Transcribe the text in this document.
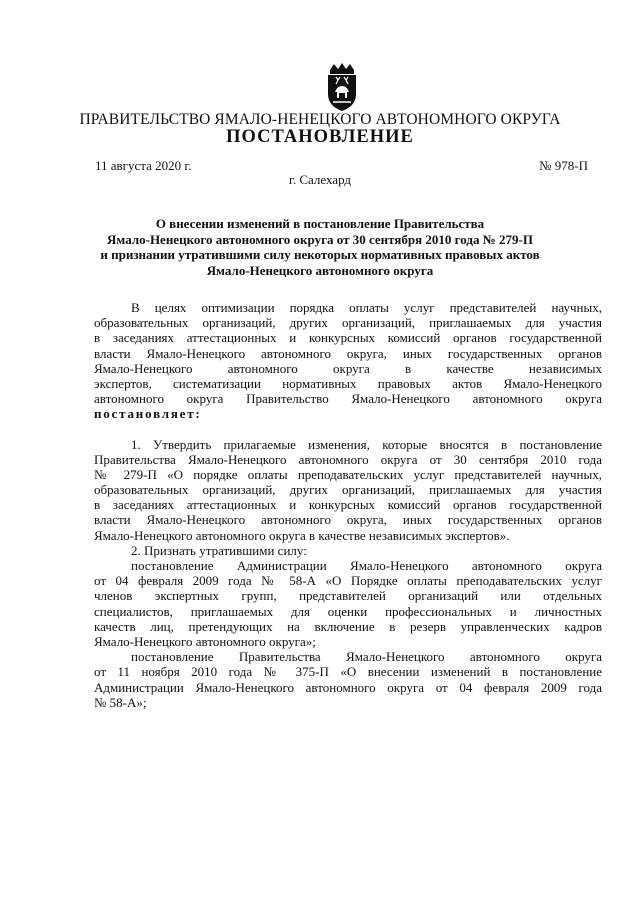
ПРАВИТЕЛЬСТВО ЯМАЛО-НЕНЕЦКОГО АВТОНОМНОГО ОКРУГА
ПОСТАНОВЛЕНИЕ
11 августа 2020 г.	№ 978-П
г. Салехард
О внесении изменений в постановление Правительства
Ямало-Ненецкого автономного округа от 30 сентября 2010 года № 279-П
и признании утратившими силу некоторых нормативных правовых актов
Ямало-Ненецкого автономного округа
В целях оптимизации порядка оплаты услуг представителей научных,
образовательных организаций, других организаций, приглашаемых для участия
в заседаниях аттестационных и конкурсных комиссий органов государственной
власти Ямало-Ненецкого автономного округа, иных государственных органов
Ямало-Ненецкого автономного округа в качестве независимых
экспертов, систематизации нормативных правовых актов Ямало-Ненецкого
автономного округа Правительство Ямало-Ненецкого автономного округа
постановляет:
1. Утвердить прилагаемые изменения, которые вносятся в постановление
Правительства Ямало-Ненецкого автономного округа от 30 сентября 2010 года
№ 279-П «О порядке оплаты преподавательских услуг представителей научных,
образовательных организаций, других организаций, приглашаемых для участия
в заседаниях аттестационных и конкурсных комиссий органов государственной
власти Ямало-Ненецкого автономного округа, иных государственных органов
Ямало-Ненецкого автономного округа в качестве независимых экспертов».
2. Признать утратившими силу:
постановление Администрации Ямало-Ненецкого автономного округа
от 04 февраля 2009 года № 58-А «О Порядке оплаты преподавательских услуг
членов экспертных групп, представителей организаций или отдельных
специалистов, приглашаемых для оценки профессиональных и личностных
качеств лиц, претендующих на включение в резерв управленческих кадров
Ямало-Ненецкого автономного округа»;
постановление Правительства Ямало-Ненецкого автономного округа
от 11 ноября 2010 года № 375-П «О внесении изменений в постановление
Администрации Ямало-Ненецкого автономного округа от 04 февраля 2009 года
№ 58-А»;
